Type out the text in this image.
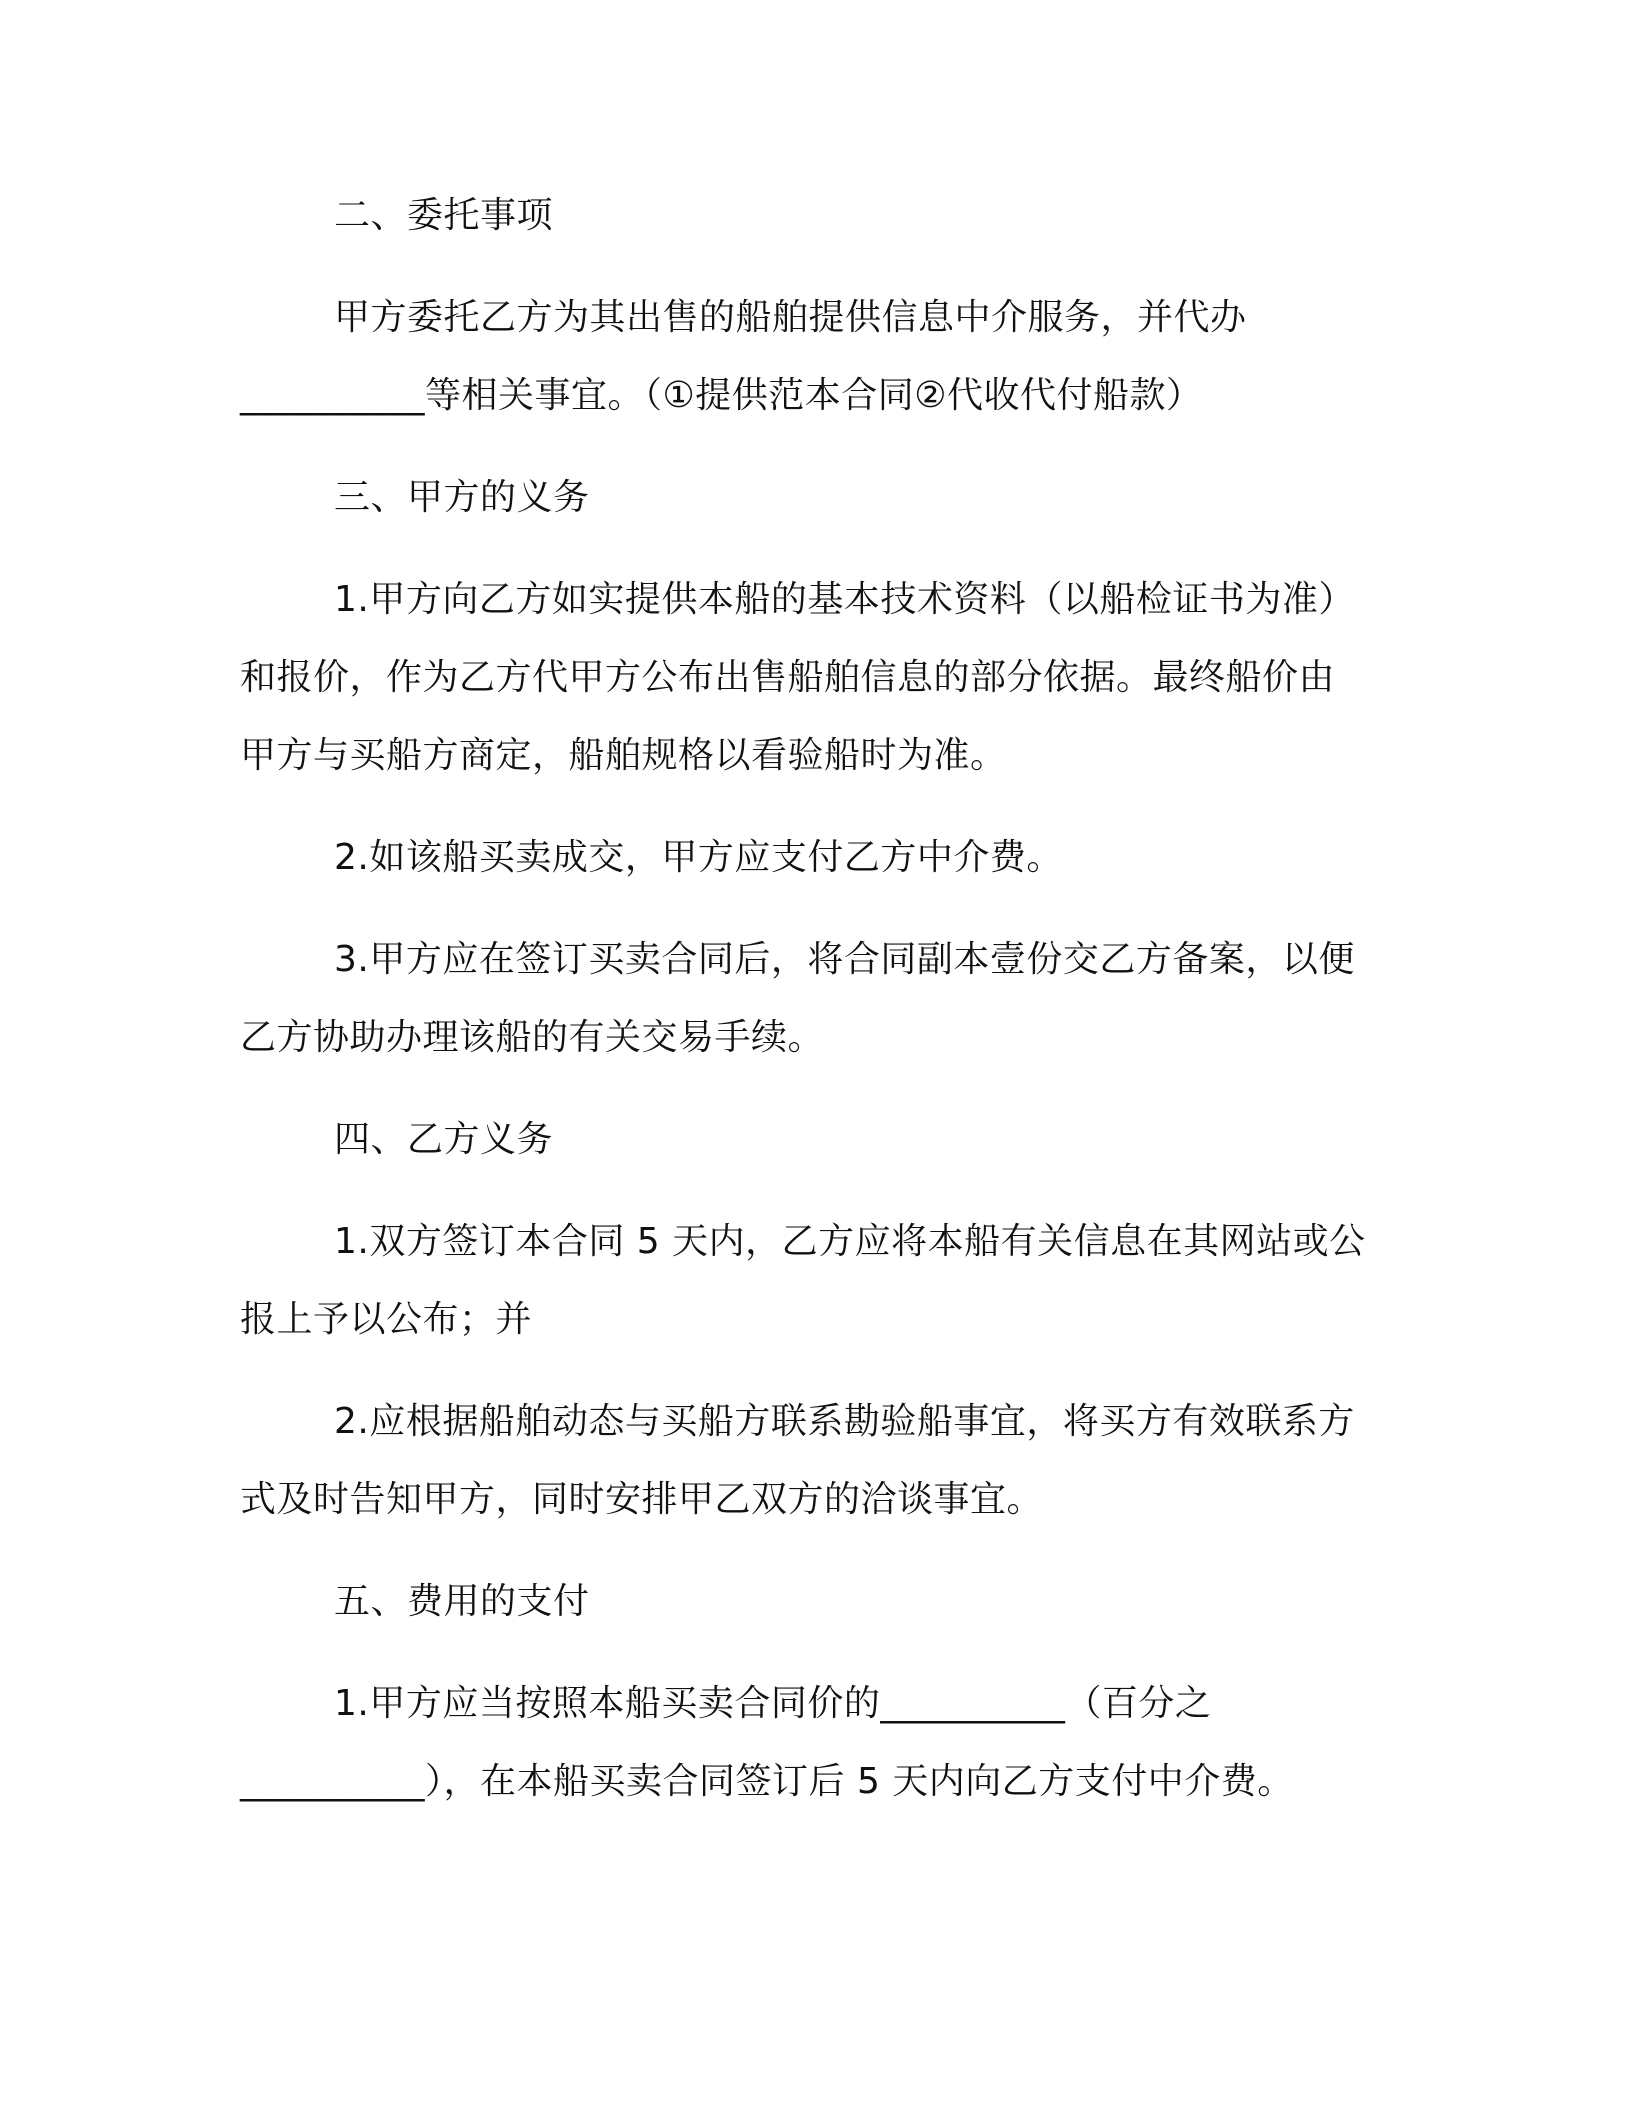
二、委托事项
甲方委托乙方为其出售的船舶提供信息中介服务，并代办
__________等相关事宜。（①提供范本合同②代收代付船款）
三、甲方的义务
1.甲方向乙方如实提供本船的基本技术资料（以船检证书为准）
和报价，作为乙方代甲方公布出售船舶信息的部分依据。最终船价由
甲方与买船方商定，船舶规格以看验船时为准。
2.如该船买卖成交，甲方应支付乙方中介费。
3.甲方应在签订买卖合同后，将合同副本壹份交乙方备案，以便
乙方协助办理该船的有关交易手续。
四、乙方义务
1.双方签订本合同 5 天内，乙方应将本船有关信息在其网站或公
报上予以公布；并
2.应根据船舶动态与买船方联系勘验船事宜，将买方有效联系方
式及时告知甲方，同时安排甲乙双方的洽谈事宜。
五、费用的支付
1.甲方应当按照本船买卖合同价的__________（百分之
__________），在本船买卖合同签订后 5 天内向乙方支付中介费。
